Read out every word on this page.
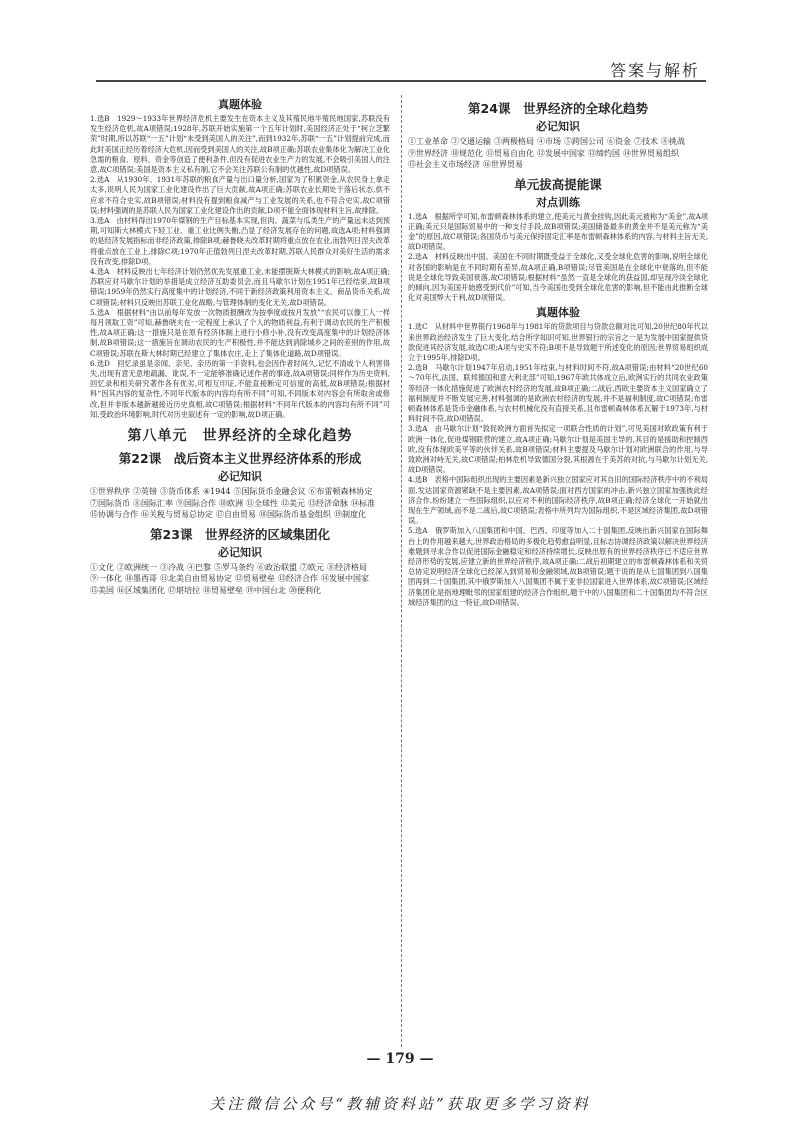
答案与解析
真题体验

1.选B　1929～1933年世界经济危机主要发生在资本主义及其殖民地半殖民地国家,苏联没有发生经济危机,故A项错误;1928年,苏联开始实施第一个五年计划时,美国经济正处于“柯立芝繁荣”时期,所以苏联“一五”计划“未受到美国人的关注”,而到1932年,苏联“一五”计划提前完成,而此时美国正经历着经济大危机,因而受到美国人的关注,故B项正确;苏联农业集体化为解决工业化急需的粮食、原料、资金等创造了便利条件,但没有促进农业生产力的发展,不会吸引美国人的注意,故C项错误;美国是资本主义私有制,它不会关注苏联公有制的优越性,故D项错误。

2.选A　从1930年、1931年苏联的粮食产量与出口量分析,国家为了积累资金,从农民身上拿走太多,说明人民为国家工业化建设作出了巨大贡献,故A项正确;苏联农业长期处于落后状态,供不应求不符合史实,故B项错误;材料没有提到粮食减产与工业发展的关系,也不符合史实,故C项错误;材料强调的是苏联人民为国家工业化建设作出的贡献,D项不能全面体现材料主旨,故排除。

3.选A　由材料得出1970年煤钢的生产目标基本实现,但肉、蔬菜与瓜类生产的产量远未达到预期,可知斯大林模式下轻工业、重工业比例失衡,凸显了经济发展存在的问题,故选A项;材料强调的是经济发展指标而非经济政策,排除B项;赫鲁晓夫改革时期将重点放在农业,而勃列日涅夫改革将重点放在工业上,排除C项;1970年正值勃列日涅夫改革时期,苏联人民群众对美好生活的需求没有改变,排除D项。

4.选A　材料反映出七年经济计划仍然优先发展重工业,未能摆脱斯大林模式的影响,故A项正确;苏联应对马歇尔计划的举措是成立经济互助委员会,而且马歇尔计划在1951年已经结束,故B项错误;1959年仍然实行高度集中的计划经济,不同于新经济政策利用资本主义、商品货币关系,故C项错误;材料只反映出苏联工业化战略,与管理体制的变化无关,故D项错误。

5.选A　根据材料“由以前每年发放一次物质报酬改为按季度或按月发放”“农民可以像工人一样每月领取工资”可知,赫鲁晓夫在一定程度上承认了个人的物质利益,有利于调动农民的生产积极性,故A项正确;这一措施只是在原有经济体制上进行小修小补,没有改变高度集中的计划经济体制,故B项错误;这一措施旨在调动农民的生产积极性,并不能达到消除城乡之间的差别的作用,故C项错误;苏联在斯大林时期已经建立了集体农庄,走上了集体化道路,故D项错误。

6.选D　回忆录虽是亲闻、亲见、亲历的第一手资料,也会因作者时间久,记忆不清或个人利害得失,出现有意无意地疏漏、讹误,不一定能够准确记述作者的事迹,故A项错误;同样作为历史资料,回忆录和相关研究著作各有优劣,可相互印证,不能直接断定可信度的高低,故B项错误;根据材料“因其内容的复杂性,不同年代版本的内容均有所不同”可知,不同版本对内容会有所取舍或修改,但并非版本越新越接近历史真相,故C项错误;根据材料“不同年代版本的内容均有所不同”可知,受政治环境影响,时代对历史叙述有一定的影响,故D项正确。

第八单元　世界经济的全球化趋势
第22课　战后资本主义世界经济体系的形成
必记知识
①世界秩序 ②英镑 ③货币体系 ④1944 ⑤国际货币金融会议 ⑥布雷顿森林协定⑦国际货币 ⑧国际汇率 ⑨国际合作 ⑩欧洲 ⑪全球性 ⑫美元 ⑬经济命脉 ⑭标准⑮协调与合作 ⑯关税与贸易总协定 ⑰自由贸易 ⑱国际货币基金组织 ⑲制度化
第23课　世界经济的区域集团化
必记知识
①文化 ②欧洲统一 ③冷战 ④巴黎 ⑤罗马条约 ⑥政治联盟 ⑦欧元 ⑧经济格局⑨一体化 ⑩墨西哥 ⑪北美自由贸易协定 ⑫贸易壁垒 ⑬经济合作 ⑭发展中国家⑮美国 ⑯区域集团化 ⑰堪培拉 ⑱贸易壁垒 ⑲中国台北 ⑳便利化
第24课　世界经济的全球化趋势
必记知识
①工业革命 ②交通运输 ③两极格局 ④市场 ⑤跨国公司 ⑥资金 ⑦技术 ⑧挑战⑨世界经济 ⑩规范化 ⑪贸易自由化 ⑫发展中国家 ⑬缔约国 ⑭世界贸易组织⑮社会主义市场经济 ⑯世界贸易
单元拔高提能课
对点训练

1.选A　根据所学可知,布雷顿森林体系的建立,使美元与黄金挂钩,因此美元被称为“美金”,故A项正确;美元只是国际贸易中的一种支付手段,故B项错误;美国储备最多的黄金并不是美元称为“美金”的原因,故C项错误;各国货币与美元保持固定汇率是布雷顿森林体系的内容,与材料主旨无关,故D项错误。

2.选A　材料反映出中国、美国在不同时期既受益于全球化,又受全球化危害的影响,说明全球化对各国的影响是在不同时期有差异,故A项正确,B项错误;尽管美国是在全球化中衰落的,但不能说是全球化导致美国衰落,故C项错误;根据材料“虽然一直是全球化的获益国,却呈现冷淡全球化的倾向,因为美国开始感受到代价”可知,当今美国也受到全球化危害的影响,但不能由此推断全球化对美国弊大于利,故D项错误。

真题体验

1.选C　从材料中世界银行1968年与1981年的贷款项目与贷款总额对比可知,20世纪80年代以来世界政治经济发生了巨大变化,结合所学知识可知,世界银行的宗旨之一是为发展中国家提供贷款促进其经济发展,故选C项;A项与史实不符;B项不是导致题干所述变化的原因;世界贸易组织成立于1995年,排除D项。

2.选B　马歇尔计划1947年启动,1951年结束,与材料时间不符,故A项错误;由材料“20世纪60～70年代,法国、联邦德国和意大利北部”可知,1967年欧共体成立后,欧洲实行的共同农业政策等经济一体化措施促进了欧洲农村经济的发展,故B项正确;二战后,西欧主要资本主义国家确立了福利制度并不断发展完善,材料强调的是欧洲农村经济的发展,并不是福利制度,故C项错误;布雷顿森林体系是货币金融体系,与农村机械化没有直接关系,且布雷顿森林体系瓦解于1973年,与材料时间不符,故D项错误。

3.选A　由马歇尔计划“敦促欧洲方面首先拟定一项联合性质的计划”,可见美国对欧政策有利于欧洲一体化,促进煤钢联营的建立,故A项正确;马歇尔计划是美国主导的,其目的是援助和控制西欧,没有体现欧美平等的伙伴关系,故B项错误;材料主要提及马歇尔计划对欧洲联合的作用,与导致欧洲对峙无关,故C项错误;柏林危机导致德国分裂,其根源在于美苏的对抗,与马歇尔计划无关,故D项错误。

4.选B　表格中国际组织出现的主要因素是新兴独立国家应对其自旧的国际经济秩序中的不利局面,发达国家资源紧缺不是主要因素,故A项错误;面对西方国家的冲击,新兴独立国家加强彼此经济合作,纷纷建立一些国际组织,以应对不利的国际经济秩序,故B项正确;经济全球化一开始就出现在生产领域,而不是二战后,故C项错误;表格中所列均为国际组织,不是区域经济集团,故D项错误。

5.选A　俄罗斯加入八国集团和中国、巴西、印度等加入二十国集团,反映出新兴国家在国际舞台上的作用越来越大,世界政治格局的多极化趋势愈益明显,且标志协调经济政策以解决世界经济难题到寻求合作以促进国际金融稳定和经济持续增长,反映出原有的世界经济秩序已不适应世界经济形势的发展,应建立新的世界经济秩序,故A项正确;二战后初期建立的布雷顿森林体系和关贸总协定说明经济全球化已经深入到贸易和金融领域,故B项错误;题干说的是从七国集团到八国集团再到二十国集团,其中俄罗斯加入八国集团不属于亚非拉国家进入世界体系,故C项错误;区域经济集团化是指地理毗邻的国家组建的经济合作组织,题干中的八国集团和二十国集团均不符合区域经济集团的这一特征,故D项错误。

— 179 —
关注微信公众号“教辅资料站”获取更多学习资料
